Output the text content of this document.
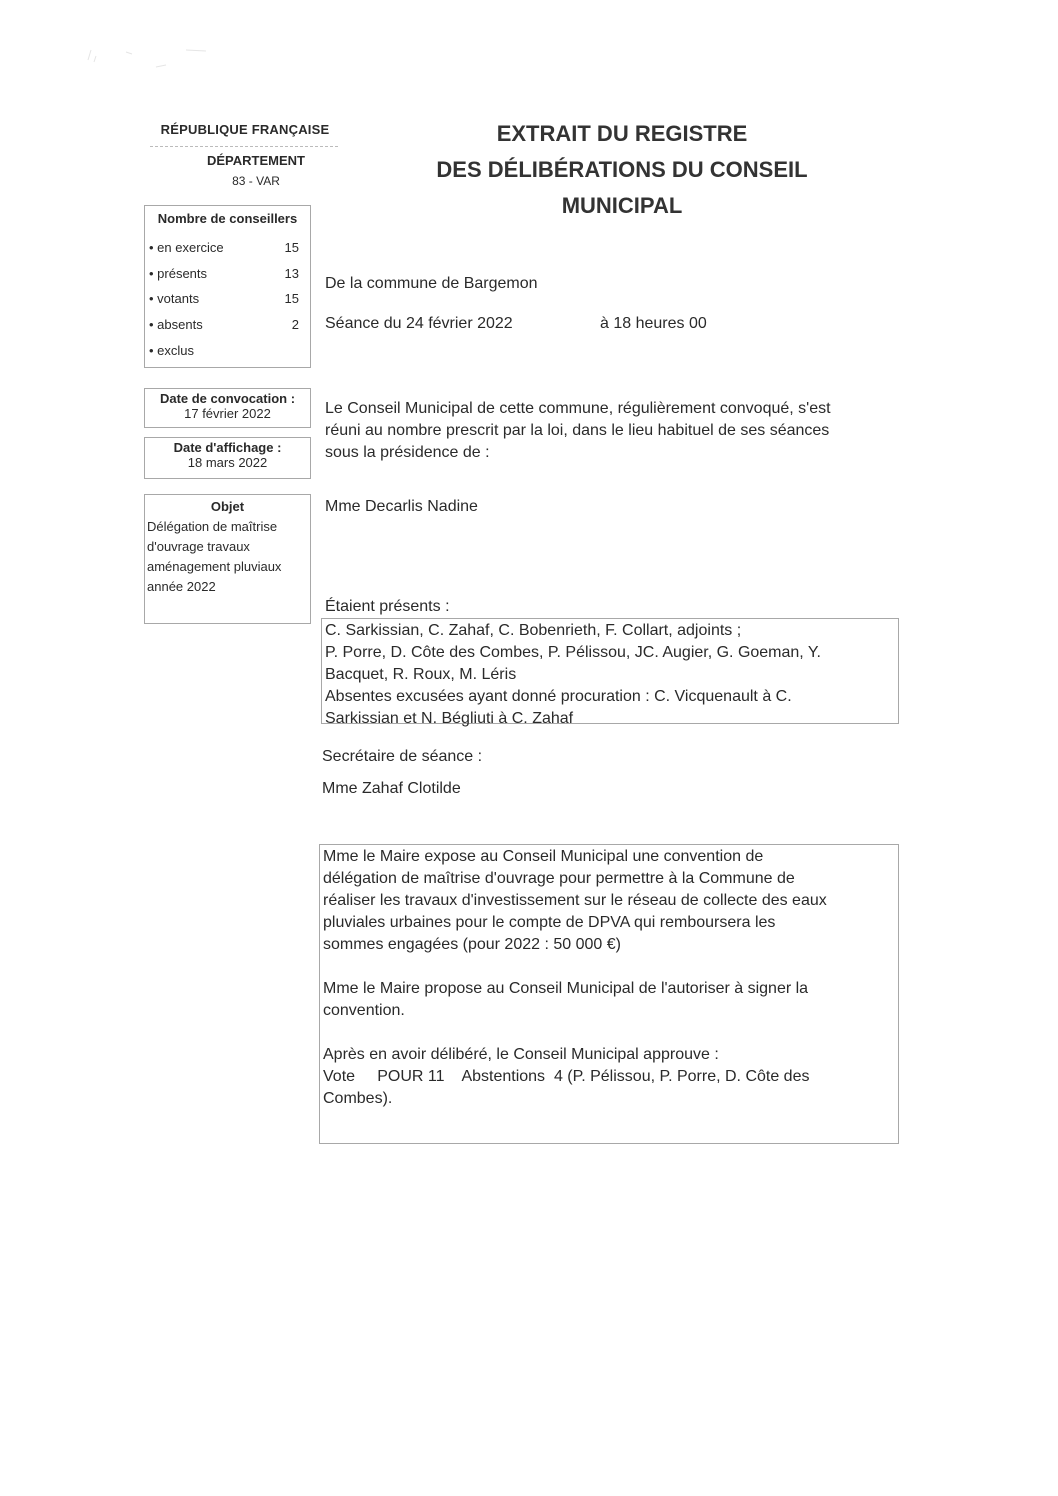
RÉPUBLIQUE FRANÇAISE
DÉPARTEMENT
83 - VAR
EXTRAIT DU REGISTRE
DES DÉLIBÉRATIONS DU CONSEIL
MUNICIPAL
Nombre de conseillers
• en exercice	15
• présents	13
• votants	15
• absents	2
• exclus
Date de convocation :
17 février 2022
Date d'affichage :
18 mars 2022
Objet
Délégation de maîtrise
d'ouvrage travaux
aménagement pluviaux
année 2022
De la commune de Bargemon
Séance du 24 février 2022	à 18 heures 00
Le Conseil Municipal de cette commune, régulièrement convoqué, s'est
réuni au nombre prescrit par la loi, dans le lieu habituel de ses séances
sous la présidence de :
Mme Decarlis Nadine
Étaient présents :
C. Sarkissian, C. Zahaf, C. Bobenrieth, F. Collart, adjoints ;
P. Porre, D. Côte des Combes, P. Pélissou, JC. Augier, G. Goeman, Y.
Bacquet, R. Roux, M. Léris
Absentes excusées ayant donné procuration : C. Vicquenault à C.
Sarkissian et N. Bégliuti à C. Zahaf
Secrétaire de séance :
Mme Zahaf Clotilde

Mme le Maire expose au Conseil Municipal une convention de

délégation de maîtrise d'ouvrage pour permettre à la Commune de

réaliser les travaux d'investissement sur le réseau de collecte des eaux

pluviales urbaines pour le compte de DPVA qui remboursera les

sommes engagées (pour 2022 : 50 000 €)

Mme le Maire propose au Conseil Municipal de l'autoriser à signer la

convention.

Après en avoir délibéré, le Conseil Municipal approuve :

Vote     POUR 11    Abstentions  4 (P. Pélissou, P. Porre, D. Côte des

Combes).
